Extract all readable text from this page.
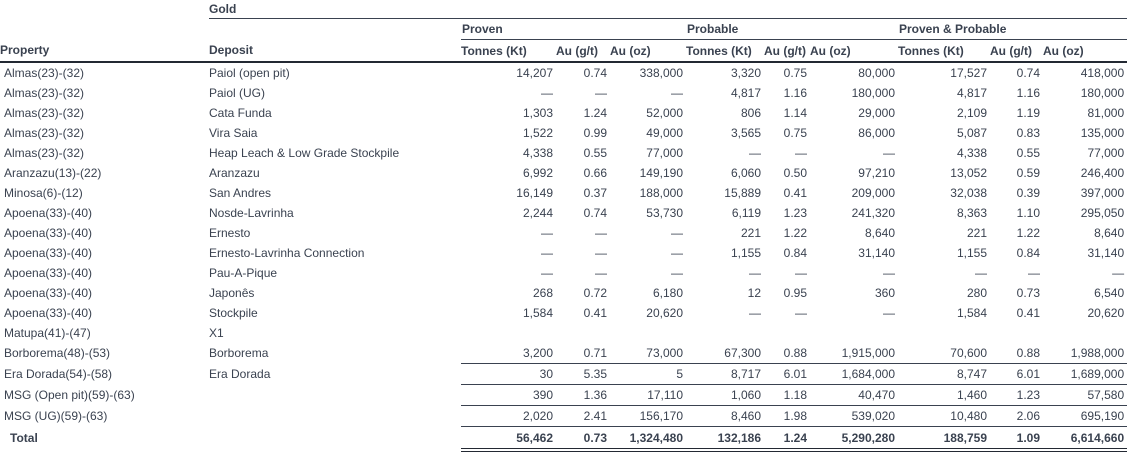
	Gold									
		Proven			Probable			Proven & Probable		
Property	Deposit	Tonnes (Kt)	Au (g/t)	Au (oz)	Tonnes (Kt)	Au (g/t)	Au (oz)	Tonnes (Kt)	Au (g/t)	Au (oz)
Almas(23)-(32)	Paiol (open pit)	14,207	0.74	338,000	3,320	0.75	80,000	17,527	0.74	418,000
Almas(23)-(32)	Paiol (UG)	—	—	—	4,817	1.16	180,000	4,817	1.16	180,000
Almas(23)-(32)	Cata Funda	1,303	1.24	52,000	806	1.14	29,000	2,109	1.19	81,000
Almas(23)-(32)	Vira Saia	1,522	0.99	49,000	3,565	0.75	86,000	5,087	0.83	135,000
Almas(23)-(32)	Heap Leach & Low Grade Stockpile	4,338	0.55	77,000	—	—	—	4,338	0.55	77,000
Aranzazu(13)-(22)	Aranzazu	6,992	0.66	149,190	6,060	0.50	97,210	13,052	0.59	246,400
Minosa(6)-(12)	San Andres	16,149	0.37	188,000	15,889	0.41	209,000	32,038	0.39	397,000
Apoena(33)-(40)	Nosde-Lavrinha	2,244	0.74	53,730	6,119	1.23	241,320	8,363	1.10	295,050
Apoena(33)-(40)	Ernesto	—	—	—	221	1.22	8,640	221	1.22	8,640
Apoena(33)-(40)	Ernesto-Lavrinha Connection	—	—	—	1,155	0.84	31,140	1,155	0.84	31,140
Apoena(33)-(40)	Pau-A-Pique	—	—	—	—	—	—	—	—	—
Apoena(33)-(40)	Japonês	268	0.72	6,180	12	0.95	360	280	0.73	6,540
Apoena(33)-(40)	Stockpile	1,584	0.41	20,620	—	—	—	1,584	0.41	20,620
Matupa(41)-(47)	X1									
Borborema(48)-(53)	Borborema	3,200	0.71	73,000	67,300	0.88	1,915,000	70,600	0.88	1,988,000
Era Dorada(54)-(58)	Era Dorada	30	5.35	5	8,717	6.01	1,684,000	8,747	6.01	1,689,000
MSG (Open pit)(59)-(63)		390	1.36	17,110	1,060	1.18	40,470	1,460	1.23	57,580
MSG (UG)(59)-(63)		2,020	2.41	156,170	8,460	1.98	539,020	10,480	2.06	695,190
Total		56,462	0.73	1,324,480	132,186	1.24	5,290,280	188,759	1.09	6,614,660
